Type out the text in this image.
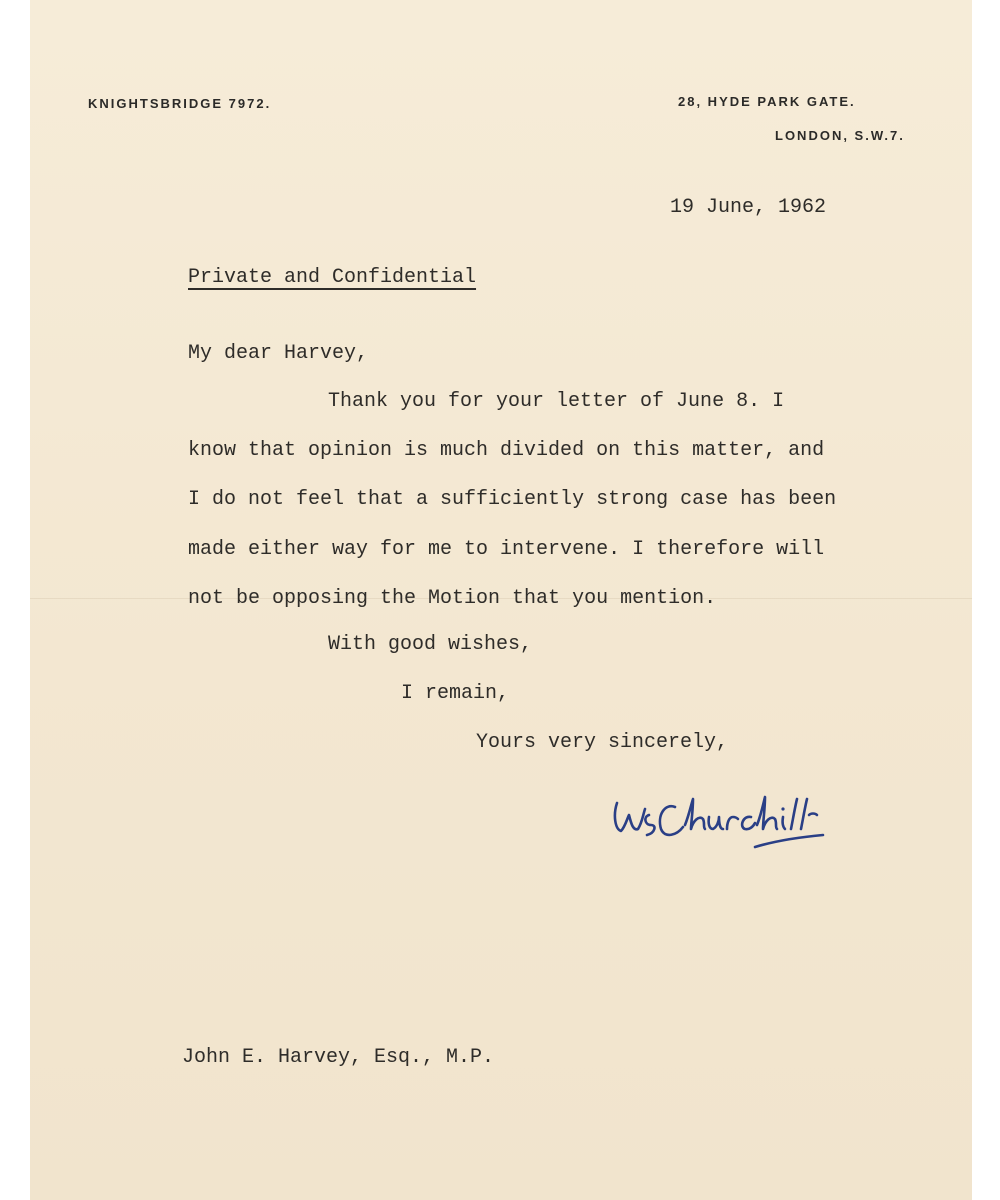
KNIGHTSBRIDGE 7972.	28, HYDE PARK GATE.
LONDON, S.W.7.
19 June, 1962
Private and Confidential
My dear Harvey,
Thank you for your letter of June 8. I
know that opinion is much divided on this matter, and
I do not feel that a sufficiently strong case has been
made either way for me to intervene. I therefore will
not be opposing the Motion that you mention.
With good wishes,
I remain,
Yours very sincerely,
W S Churchill
John E. Harvey, Esq., M.P.
